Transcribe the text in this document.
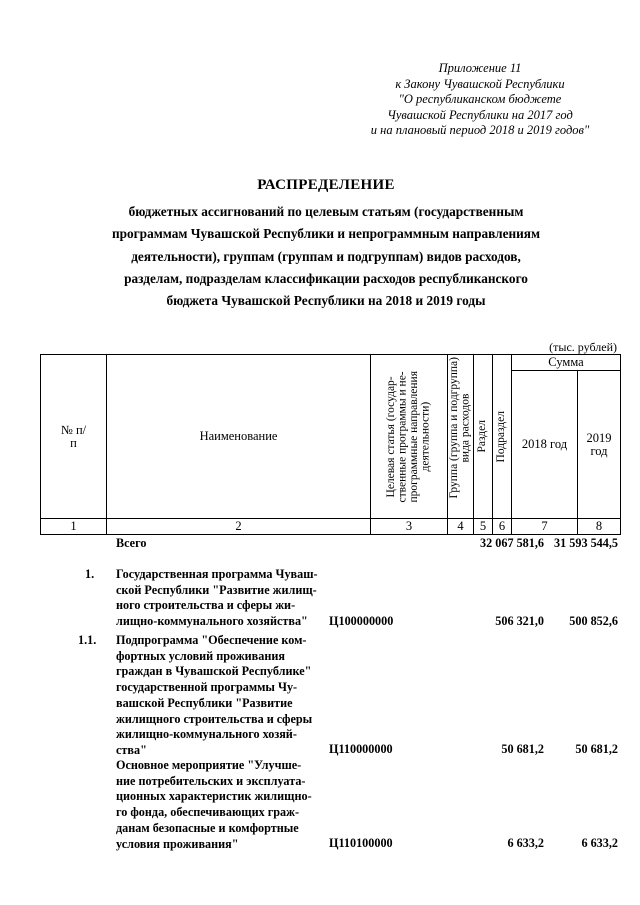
Приложение 11
к Закону Чувашской Республики
"О республиканском бюджете
Чувашской Республики на 2017 год
и на плановый период 2018 и 2019 годов"
РАСПРЕДЕЛЕНИЕ
бюджетных ассигнований по целевым статьям (государственным
программам Чувашской Республики и непрограммным направлениям
деятельности), группам (группам и подгруппам) видов расходов,
разделам, подразделам классификации расходов республиканского
бюджета Чувашской Республики на 2018 и 2019 годы
(тыс. рублей)
№ п/п	Наименование	Целевая статья (государ- ственные программы и не- программные направления деятельности) Группа (группа и подгруппа) вида расходов Раздел Подраздел
Сумма
2018 год	2019 год
1	2	3	4	5	6	7	8
Всего	32 067 581,6 31 593 544,5
1.	Государственная программа Чуваш-
ской Республики "Развитие жилищ-
ного строительства и сферы жи-
лищно-коммунального хозяйства"	Ц100000000	506 321,0	500 852,6
1.1.	Подпрограмма "Обеспечение ком-
фортных условий проживания
граждан в Чувашской Республике"
государственной программы Чу-
вашской Республики "Развитие
жилищного строительства и сферы
жилищно-коммунального хозяй-
ства"	Ц110000000	50 681,2	50 681,2
Основное мероприятие "Улучше-
ние потребительских и эксплуата-
ционных характеристик жилищно-
го фонда, обеспечивающих граж-
данам безопасные и комфортные
условия проживания"	Ц110100000	6 633,2	6 633,2
